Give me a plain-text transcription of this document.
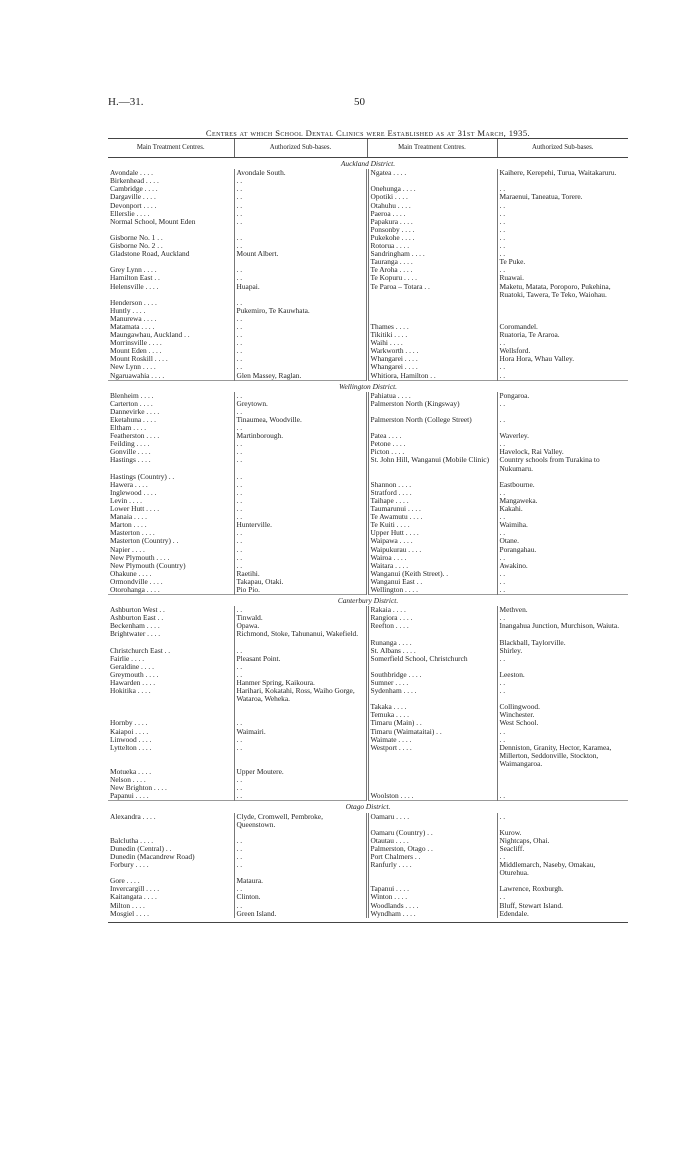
H.—31.	50
Centres at which School Dental Clinics were Established as at 31st March, 1935.
Main Treatment Centres.	Authorized Sub-bases.	Main Treatment Centres.	Authorized Sub-bases.
Auckland District.			
Avondale . . . .	Avondale South.	Ngatea . . . .	Kaihere, Kerepehi, Turua, Waitakaruru.
Birkenhead . . . .	. .		
Cambridge . . . .	. .	Onehunga . . . .	. .
Dargaville . . . .	. .	Opotiki . . . .	Maraenui, Taneatua, Torere.
Devonport . . . .	. .	Otahuhu . . . .	. .
Ellerslie . . . .	. .	Paeroa . . . .	. .
Normal School, Mount Eden	. .	Papakura . . . .	. .
		Ponsonby . . . .	. .
Gisborne No. 1 . .	. .	Pukekohe . . . .	. .
Gisborne No. 2 . .	. .	Rotorua . . . .	. .
Gladstone Road, Auckland	Mount Albert.	Sandringham . . . .	. .
		Tauranga . . . .	Te Puke.
Grey Lynn . . . .	. .	Te Aroha . . . .	. .
Hamilton East . .	. .	Te Kopuru . . . .	Ruawai.
Helensville . . . .	Huapai.	Te Paroa – Totara . .	Maketu, Matata, Poroporo, Pukehina, Ruatoki, Tawera, Te Teko, Waiohau.
Henderson . . . .	. .		
Huntly . . . .	Pukemiro, Te Kauwhata.		
Manurewa . . . .	. .		
Matamata . . . .	. .	Thames . . . .	Coromandel.
Maungawhau, Auckland . .	. .	Tikitiki . . . .	Ruatoria, Te Araroa.
Morrinsville . . . .	. .	Waihi . . . .	. .
Mount Eden . . . .	. .	Warkworth . . . .	Wellsford.
Mount Roskill . . . .	. .	Whangarei . . . .	Hora Hora, Whau Valley.
New Lynn . . . .	. .	Whangarei . . . .	. .
Ngaruawahia . . . .	Glen Massey, Raglan.	Whitiora, Hamilton . .	. .
Wellington District.			
Blenheim . . . .	. .	Pahiatua . . . .	Pongaroa.
Carterton . . . .	Greytown.	Palmerston North (Kingsway)	. .
Dannevirke . . . .	. .		
Eketahuna . . . .	Tinaumea, Woodville.	Palmerston North (College Street)	. .
Eltham . . . .	. .		
Featherston . . . .	Martinborough.	Patea . . . .	Waverley.
Feilding . . . .	. .	Petone . . . .	. .
Gonville . . . .	. .	Picton . . . .	Havelock, Rai Valley.
Hastings . . . .	. .	St. John Hill, Wanganui (Mobile Clinic)	Country schools from Turakina to Nukumaru.
Hastings (Country) . .	. .		
Hawera . . . .	. .	Shannon . . . .	Eastbourne.
Inglewood . . . .	. .	Stratford . . . .	. .
Levin . . . .	. .	Taihape . . . .	Mangaweka.
Lower Hutt . . . .	. .	Taumarunui . . . .	Kakahi.
Manaia . . . .	. .	Te Awamutu . . . .	. .
Marton . . . .	Hunterville.	Te Kuiti . . . .	Waimiha.
Masterton . . . .	. .	Upper Hutt . . . .	. .
Masterton (Country) . .	. .	Waipawa . . . .	Otane.
Napier . . . .	. .	Waipukurau . . . .	Porangahau.
New Plymouth . . . .	. .	Wairoa . . . .	. .
New Plymouth (Country)	. .	Waitara . . . .	Awakino.
Ohakune . . . .	Raetihi.	Wanganui (Keith Street). .	. .
Ormondville . . . .	Takapau, Otaki.	Wanganui East . .	. .
Otorohanga . . . .	Pio Pio.	Wellington . . . .	. .
Canterbury District.			
Ashburton West . .	. .	Rakaia . . . .	Methven.
Ashburton East . .	Tinwald.	Rangiora . . . .	. .
Beckenham . . . .	Opawa.	Reefton . . . .	Inangahua Junction, Murchison, Waiuta.
Brightwater . . . .	Richmond, Stoke, Tahunanui, Wakefield.		
		Runanga . . . .	Blackball, Taylorville.
Christchurch East . .	. .	St. Albans . . . .	Shirley.
Fairlie . . . .	Pleasant Point.	Somerfield School, Christchurch	. .
Geraldine . . . .	. .		
Greymouth . . . .	. .	Southbridge . . . .	Leeston.
Hawarden . . . .	Hanmer Spring, Kaikoura.	Sumner . . . .	. .
Hokitika . . . .	Harihari, Kokatahi, Ross, Waiho Gorge, Wataroa, Weheka.	Sydenham . . . .	. .
		Takaka . . . .	Collingwood.
		Temuka . . . .	Winchester.
Hornby . . . .	. .	Timaru (Main) . .	West School.
Kaiapoi . . . .	Waimairi.	Timaru (Waimataitai) . .	. .
Linwood . . . .	. .	Waimate . . . .	. .
Lyttelton . . . .	. .	Westport . . . .	Denniston, Granity, Hector, Karamea, Millerton, Seddonville, Stockton, Waimangaroa.
Motueka . . . .	Upper Moutere.		
Nelson . . . .	. .		
New Brighton . . . .	. .		
Papanui . . . .	. .	Woolston . . . .	. .
Otago District.			
Alexandra . . . .	Clyde, Cromwell, Pembroke, Queenstown.	Oamaru . . . .	. .
		Oamaru (Country) . .	Kurow.
Balclutha . . . .	. .	Otautau . . . .	Nightcaps, Ohai.
Dunedin (Central) . .	. .	Palmerston, Otago . .	Seacliff.
Dunedin (Macandrew Road)	. .	Port Chalmers . .	. .
Forbury . . . .	. .	Ranfurly . . . .	Middlemarch, Naseby, Omakau, Oturehua.
Gore . . . .	Mataura.		
Invercargill . . . .	. .	Tapanui . . . .	Lawrence, Roxburgh.
Kaitangata . . . .	Clinton.	Winton . . . .	. .
Milton . . . .	. .	Woodlands . . . .	Bluff, Stewart Island.
Mosgiel . . . .	Green Island.	Wyndham . . . .	Edendale.
